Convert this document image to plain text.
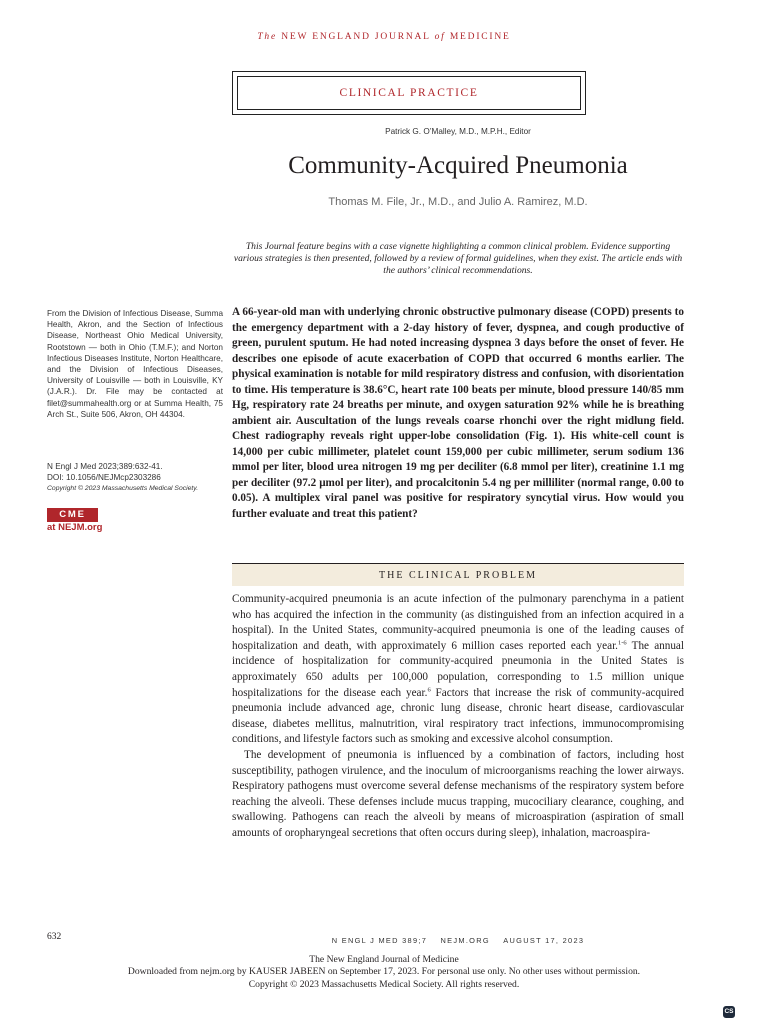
The NEW ENGLAND JOURNAL of MEDICINE
CLINICAL PRACTICE
Patrick G. O’Malley, M.D., M.P.H., Editor
Community-Acquired Pneumonia
Thomas M. File, Jr., M.D., and Julio A. Ramirez, M.D.
This Journal feature begins with a case vignette highlighting a common clinical problem. Evidence supporting various strategies is then presented, followed by a review of formal guidelines, when they exist. The article ends with the authors’ clinical recommendations.
From the Division of Infectious Disease, Summa Health, Akron, and the Section of Infectious Disease, Northeast Ohio Medical University, Rootstown — both in Ohio (T.M.F.); and Norton Infectious Diseases Institute, Norton Healthcare, and the Division of Infectious Diseases, University of Louisville — both in Louisville, KY (J.A.R.). Dr. File may be contacted at filet@summahealth.org or at Summa Health, 75 Arch St., Suite 506, Akron, OH 44304.
N Engl J Med 2023;389:632-41.
DOI: 10.1056/NEJMcp2303286
Copyright © 2023 Massachusetts Medical Society.
CME
at NEJM.org
A 66-year-old man with underlying chronic obstructive pulmonary disease (COPD) presents to the emergency department with a 2-day history of fever, dyspnea, and cough productive of green, purulent sputum. He had noted increasing dyspnea 3 days before the onset of fever. He describes one episode of acute exacerbation of COPD that occurred 6 months earlier. The physical examination is notable for mild respiratory distress and confusion, with disorientation to time. His temperature is 38.6°C, heart rate 100 beats per minute, blood pressure 140/85 mm Hg, respiratory rate 24 breaths per minute, and oxygen saturation 92% while he is breathing ambient air. Auscultation of the lungs reveals coarse rhonchi over the right midlung field. Chest radiography reveals right upper-lobe consolidation (Fig. 1). His white-cell count is 14,000 per cubic millimeter, platelet count 159,000 per cubic millimeter, serum sodium 136 mmol per liter, blood urea nitrogen 19 mg per deciliter (6.8 mmol per liter), creatinine 1.1 mg per deciliter (97.2 μmol per liter), and procalcitonin 5.4 ng per milliliter (normal range, 0.00 to 0.05). A multiplex viral panel was positive for respiratory syncytial virus. How would you further evaluate and treat this patient?
THE CLINICAL PROBLEM

Community-acquired pneumonia is an acute infection of the pulmonary parenchyma in a patient who has acquired the infection in the community (as distinguished from an infection acquired in a hospital). In the United States, community-acquired pneumonia is one of the leading causes of hospitalization and death, with approximately 6 million cases reported each year.$^{1-6}$ The annual incidence of hospitalization for community-acquired pneumonia in the United States is approximately 650 adults per 100,000 population, corresponding to 1.5 million unique hospitalizations for the disease each year.$^6$ Factors that increase the risk of community-acquired pneumonia include advanced age, chronic lung disease, chronic heart disease, cardiovascular disease, diabetes mellitus, malnutrition, viral respiratory tract infections, immunocompromising conditions, and lifestyle factors such as smoking and excessive alcohol consumption.

The development of pneumonia is influenced by a combination of factors, including host susceptibility, pathogen virulence, and the inoculum of microorganisms reaching the lower airways. Respiratory pathogens must overcome several defense mechanisms of the respiratory system before reaching the alveoli. These defenses include mucus trapping, mucociliary clearance, coughing, and swallowing. Pathogens can reach the alveoli by means of microaspiration (aspiration of small amounts of oropharyngeal secretions that often occurs during sleep), inhalation, macroaspira-

632	N ENGL J MED 389;7 NEJM.ORG AUGUST 17, 2023
The New England Journal of Medicine
Downloaded from nejm.org by KAUSER JABEEN on September 17, 2023. For personal use only. No other uses without permission.
Copyright © 2023 Massachusetts Medical Society. All rights reserved.
CS
